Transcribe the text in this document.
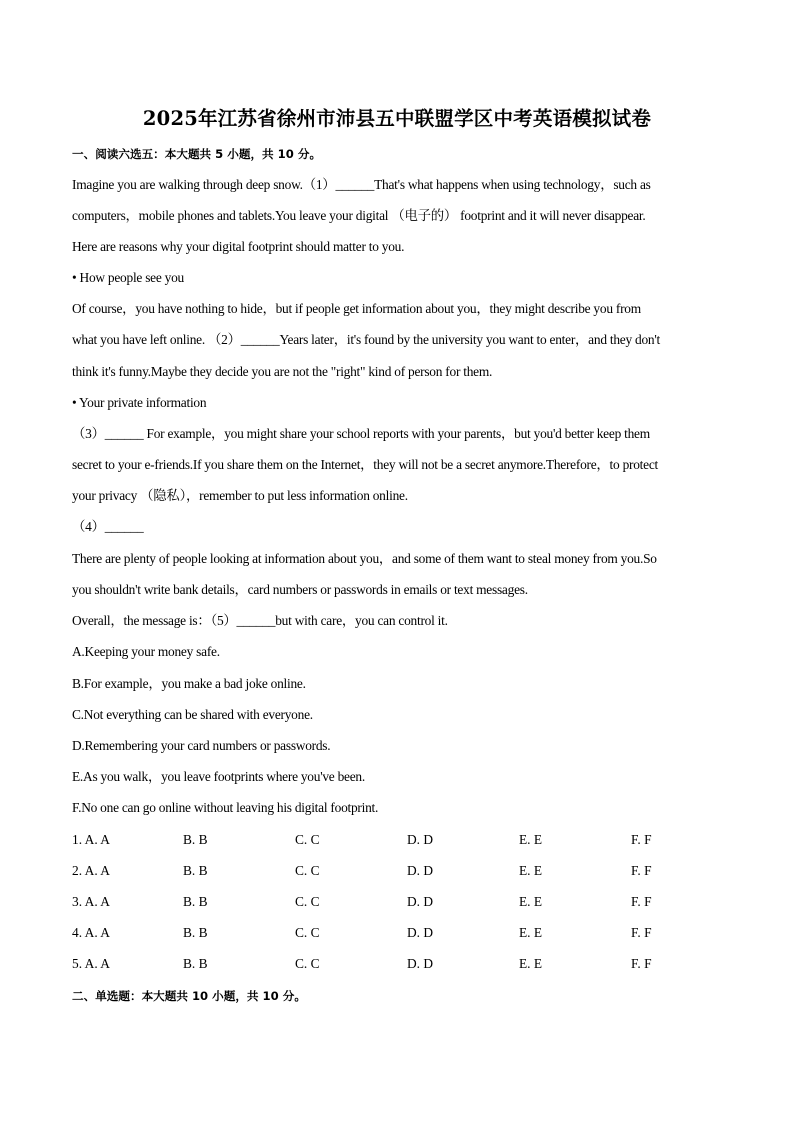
2025年江苏省徐州市沛县五中联盟学区中考英语模拟试卷
一、阅读六选五：本大题共 5 小题，共 10 分。
Imagine you are walking through deep snow.（1）______That's what happens when using technology，such as
computers，mobile phones and tablets.You leave your digital （电子的） footprint and it will never disappear.
Here are reasons why your digital footprint should matter to you.
• How people see you
Of course，you have nothing to hide，but if people get information about you，they might describe you from
what you have left online. （2）______Years later，it's found by the university you want to enter，and they don't
think it's funny.Maybe they decide you are not the "right" kind of person for them.
• Your private information
（3）______ For example，you might share your school reports with your parents，but you'd better keep them
secret to your e-friends.If you share them on the Internet，they will not be a secret anymore.Therefore，to protect
your privacy （隐私），remember to put less information online.
（4）______
There are plenty of people looking at information about you，and some of them want to steal money from you.So
you shouldn't write bank details，card numbers or passwords in emails or text messages.
Overall，the message is：（5）______but with care，you can control it.
A.Keeping your money safe.
B.For example，you make a bad joke online.
C.Not everything can be shared with everyone.
D.Remembering your card numbers or passwords.
E.As you walk，you leave footprints where you've been.
F.No one can go online without leaving his digital footprint.
1. A. A	B. B	C. C	D. D	E. E	F. F
2. A. A	B. B	C. C	D. D	E. E	F. F
3. A. A	B. B	C. C	D. D	E. E	F. F
4. A. A	B. B	C. C	D. D	E. E	F. F
5. A. A	B. B	C. C	D. D	E. E	F. F
二、单选题：本大题共 10 小题，共 10 分。
